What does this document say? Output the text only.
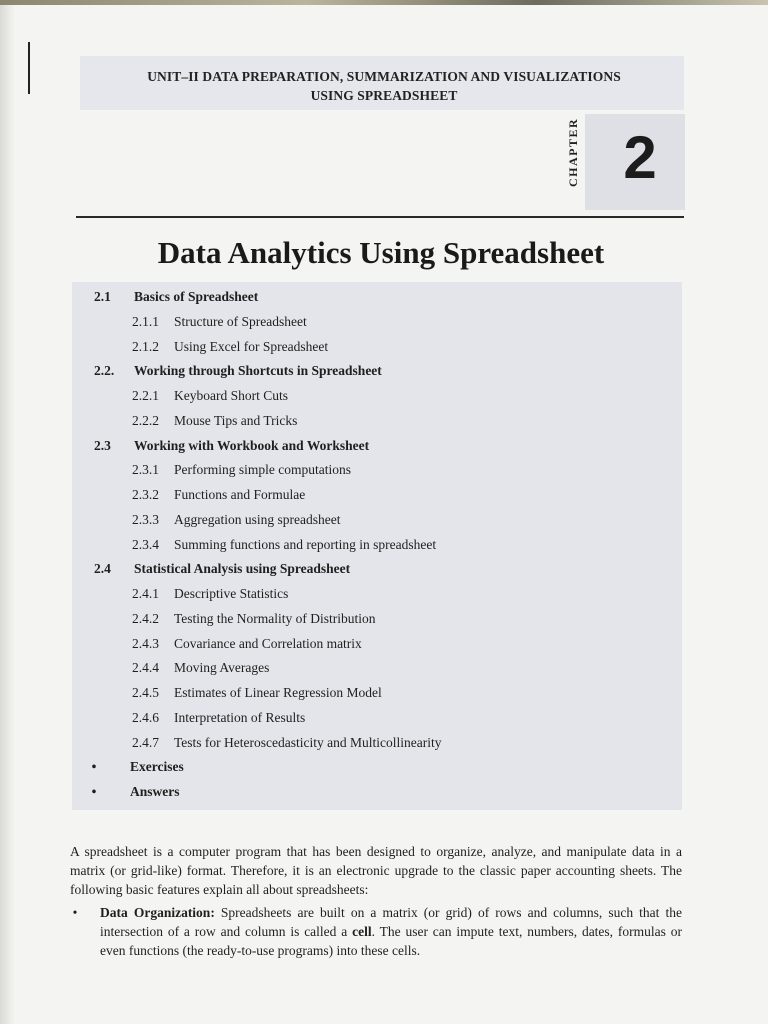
UNIT–II DATA PREPARATION, SUMMARIZATION AND VISUALIZATIONS
USING SPREADSHEET
CHAPTER 2
Data Analytics Using Spreadsheet
2.1 Basics of Spreadsheet
2.1.1 Structure of Spreadsheet
2.1.2 Using Excel for Spreadsheet
2.2. Working through Shortcuts in Spreadsheet
2.2.1 Keyboard Short Cuts
2.2.2 Mouse Tips and Tricks
2.3 Working with Workbook and Worksheet
2.3.1 Performing simple computations
2.3.2 Functions and Formulae
2.3.3 Aggregation using spreadsheet
2.3.4 Summing functions and reporting in spreadsheet
2.4 Statistical Analysis using Spreadsheet
2.4.1 Descriptive Statistics
2.4.2 Testing the Normality of Distribution
2.4.3 Covariance and Correlation matrix
2.4.4 Moving Averages
2.4.5 Estimates of Linear Regression Model
2.4.6 Interpretation of Results
2.4.7 Tests for Heteroscedasticity and Multicollinearity
• Exercises
• Answers
A spreadsheet is a computer program that has been designed to organize, analyze, and manipulate data in a matrix (or grid-like) format. Therefore, it is an electronic upgrade to the classic paper accounting sheets. The following basic features explain all about spreadsheets:
• Data Organization: Spreadsheets are built on a matrix (or grid) of rows and columns, such that the intersection of a row and column is called a cell. The user can impute text, numbers, dates, formulas or even functions (the ready-to-use programs) into these cells.
